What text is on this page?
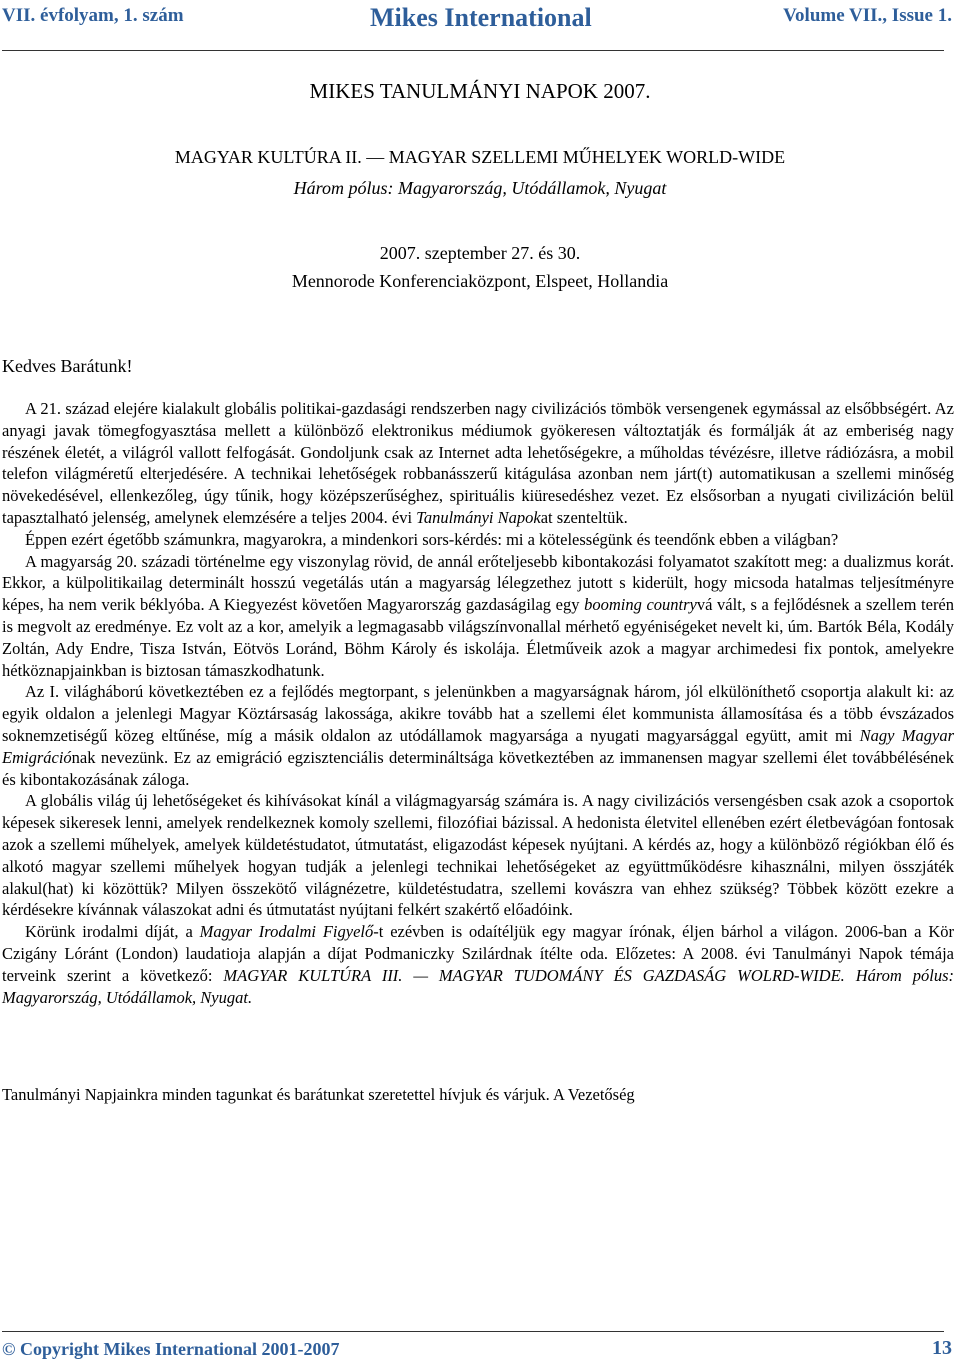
VII. évfolyam, 1. szám	Mikes International	Volume VII., Issue 1.
MIKES TANULMÁNYI NAPOK 2007.
MAGYAR KULTÚRA II. — MAGYAR SZELLEMI MŰHELYEK WORLD-WIDE
Három pólus: Magyarország, Utódállamok, Nyugat
2007. szeptember 27. és 30.
Mennorode Konferenciaközpont, Elspeet, Hollandia
Kedves Barátunk!

A 21. század elejére kialakult globális politikai-gazdasági rendszerben nagy civilizációs tömbök versengenek egymással az elsőbbségért. Az anyagi javak tömegfogyasztása mellett a különböző elektronikus médiumok gyökeresen változtatják és formálják át az emberiség nagy részének életét, a világról vallott felfogását. Gondoljunk csak az Internet adta lehetőségekre, a műholdas tévézésre, illetve rádiózásra, a mobil telefon világméretű elterjedésére. A technikai lehetőségek robbanásszerű kitágulása azonban nem járt(t) automatikusan a szellemi minőség növekedésével, ellenkezőleg, úgy tűnik, hogy középszerűséghez, spirituális kiüresedéshez vezet. Ez elsősorban a nyugati civilizáción belül tapasztalható jelenség, amelynek elemzésére a teljes 2004. évi Tanulmányi Napokat szenteltük.

Éppen ezért égetőbb számunkra, magyarokra, a mindenkori sors-kérdés: mi a kötelességünk és teendőnk ebben a világban?

A magyarság 20. századi történelme egy viszonylag rövid, de annál erőteljesebb kibontakozási folyamatot szakított meg: a dualizmus korát. Ekkor, a külpolitikailag determinált hosszú vegetálás után a magyarság lélegzethez jutott s kiderült, hogy micsoda hatalmas teljesítményre képes, ha nem verik béklyóba. A Kiegyezést követően Magyarország gazdaságilag egy booming countryvá vált, s a fejlődésnek a szellem terén is megvolt az eredménye. Ez volt az a kor, amelyik a legmagasabb világszínvonallal mérhető egyéniségeket nevelt ki, úm. Bartók Béla, Kodály Zoltán, Ady Endre, Tisza István, Eötvös Loránd, Böhm Károly és iskolája. Életműveik azok a magyar archimedesi fix pontok, amelyekre hétköznapjainkban is biztosan támaszkodhatunk.

Az I. világháború következtében ez a fejlődés megtorpant, s jelenünkben a magyarságnak három, jól elkülöníthető csoportja alakult ki: az egyik oldalon a jelenlegi Magyar Köztársaság lakossága, akikre tovább hat a szellemi élet kommunista államosítása és a több évszázados soknemzetiségű közeg eltűnése, míg a másik oldalon az utódállamok magyarsága a nyugati magyarsággal együtt, amit mi Nagy Magyar Emigrációnak nevezünk. Ez az emigráció egzisztenciális determináltsága következtében az immanensen magyar szellemi élet továbbélésének és kibontakozásának záloga.

A globális világ új lehetőségeket és kihívásokat kínál a világmagyarság számára is. A nagy civilizációs versengésben csak azok a csoportok képesek sikeresek lenni, amelyek rendelkeznek komoly szellemi, filozófiai bázissal. A hedonista életvitel ellenében ezért életbevágóan fontosak azok a szellemi műhelyek, amelyek küldetéstudatot, útmutatást, eligazodást képesek nyújtani. A kérdés az, hogy a különböző régiókban élő és alkotó magyar szellemi műhelyek hogyan tudják a jelenlegi technikai lehetőségeket az együttműködésre kihasználni, milyen összjáték alakul(hat) ki közöttük? Milyen összekötő világnézetre, küldetéstudatra, szellemi kovászra van ehhez szükség? Többek között ezekre a kérdésekre kívánnak válaszokat adni és útmutatást nyújtani felkért szakértő előadóink.

Körünk irodalmi díját, a Magyar Irodalmi Figyelő-t ezévben is odaítéljük egy magyar írónak, éljen bárhol a világon. 2006-ban a Kör Czigány Lóránt (London) laudatioja alapján a díjat Podmaniczky Szilárdnak ítélte oda. Előzetes: A 2008. évi Tanulmányi Napok témája terveink szerint a következő: MAGYAR KULTÚRA III. — MAGYAR TUDOMÁNY ÉS GAZDASÁG WOLRD-WIDE. Három pólus: Magyarország, Utódállamok, Nyugat.

Tanulmányi Napjainkra minden tagunkat és barátunkat szeretettel hívjuk és várjuk. A Vezetőség
© Copyright Mikes International 2001-2007	13
